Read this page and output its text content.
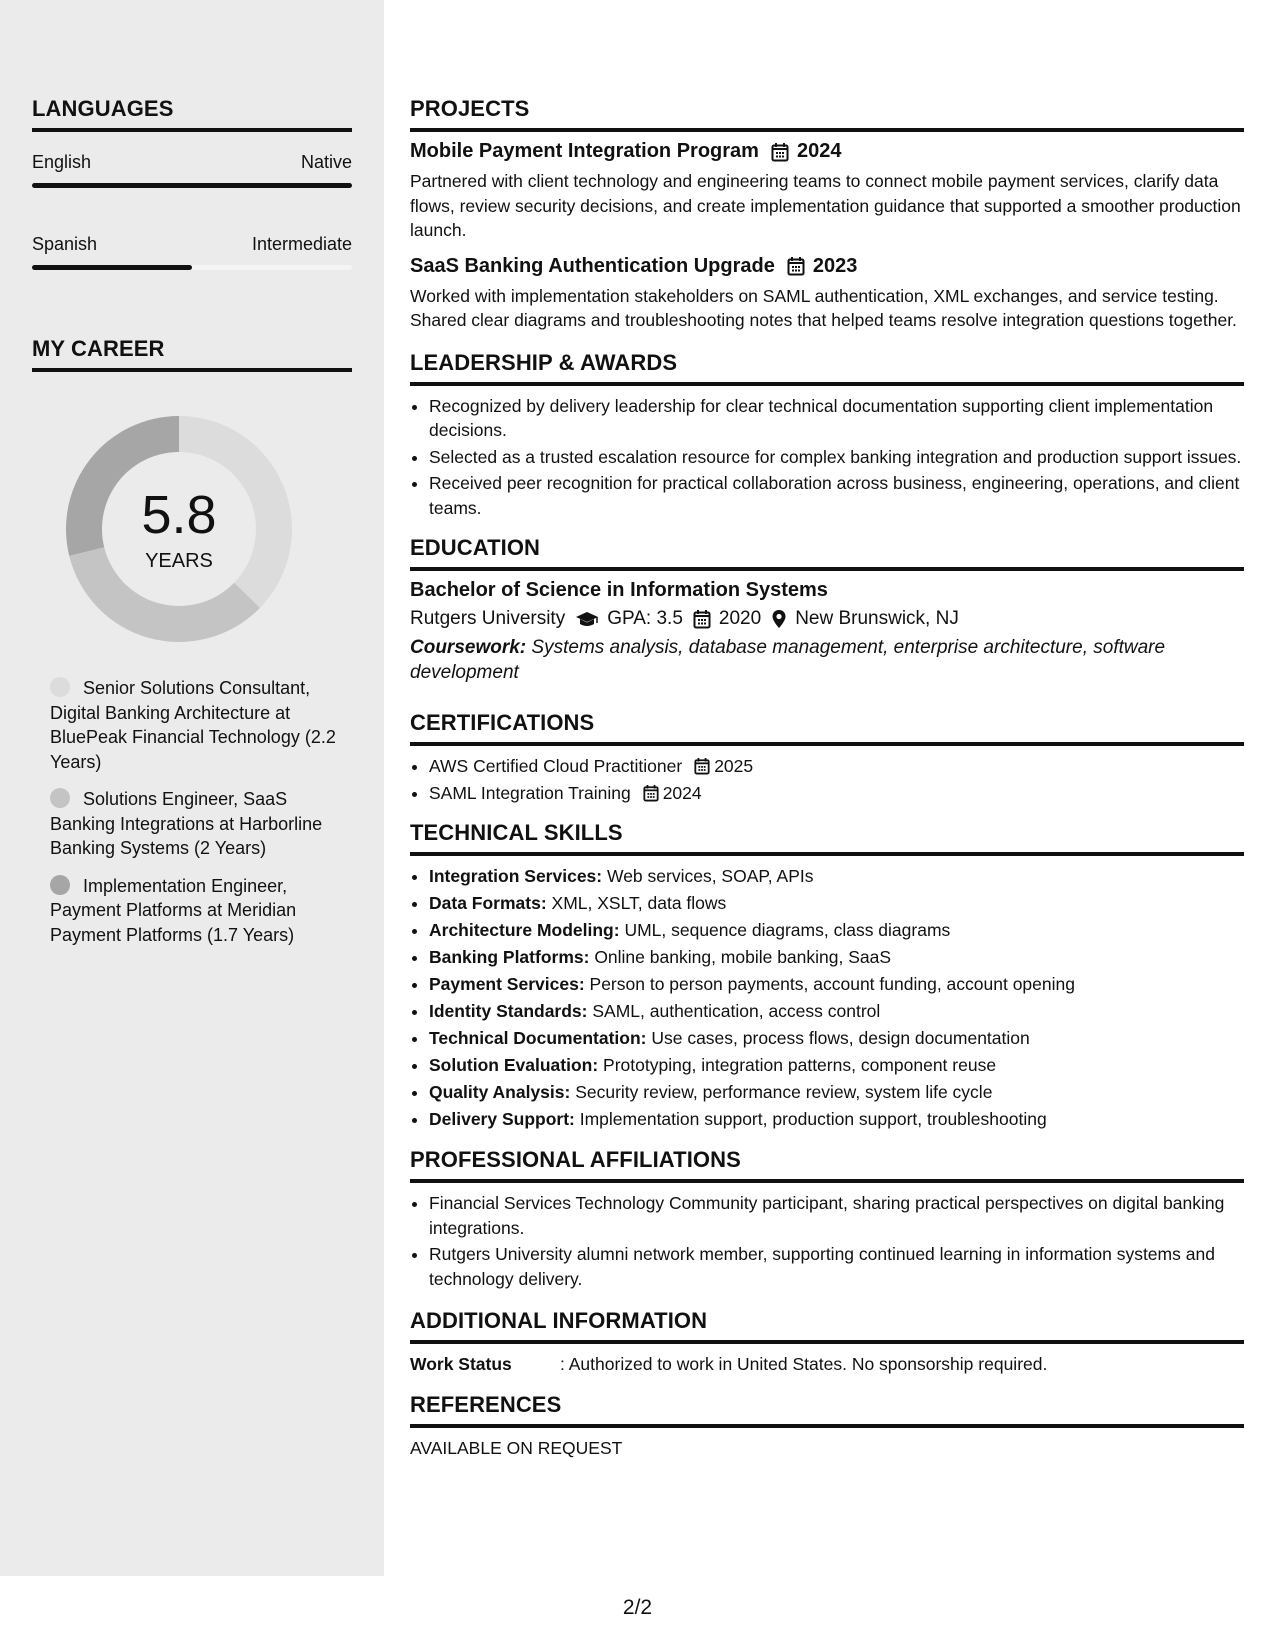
LANGUAGES
English	Native
Spanish	Intermediate
MY CAREER
5.8
YEARS
Senior Solutions Consultant, Digital Banking Architecture at BluePeak Financial Technology (2.2 Years)
Solutions Engineer, SaaS Banking Integrations at Harborline Banking Systems (2 Years)
Implementation Engineer, Payment Platforms at Meridian Payment Platforms (1.7 Years)
PROJECTS
Mobile Payment Integration Program 2024

Partnered with client technology and engineering teams to connect mobile payment services, clarify data flows, review security decisions, and create implementation guidance that supported a smoother production launch.

SaaS Banking Authentication Upgrade 2023

Worked with implementation stakeholders on SAML authentication, XML exchanges, and service testing. Shared clear diagrams and troubleshooting notes that helped teams resolve integration questions together.

LEADERSHIP & AWARDS
• Recognized by delivery leadership for clear technical documentation supporting client implementation decisions.
• Selected as a trusted escalation resource for complex banking integration and production support issues.
• Received peer recognition for practical collaboration across business, engineering, operations, and client teams.
EDUCATION
Bachelor of Science in Information Systems
Rutgers University GPA: 3.5 2020 New Brunswick, NJ

Coursework: Systems analysis, database management, enterprise architecture, software development

CERTIFICATIONS
• AWS Certified Cloud Practitioner 2025
• SAML Integration Training 2024
TECHNICAL SKILLS
• Integration Services: Web services, SOAP, APIs
• Data Formats: XML, XSLT, data flows
• Architecture Modeling: UML, sequence diagrams, class diagrams
• Banking Platforms: Online banking, mobile banking, SaaS
• Payment Services: Person to person payments, account funding, account opening
• Identity Standards: SAML, authentication, access control
• Technical Documentation: Use cases, process flows, design documentation
• Solution Evaluation: Prototyping, integration patterns, component reuse
• Quality Analysis: Security review, performance review, system life cycle
• Delivery Support: Implementation support, production support, troubleshooting
PROFESSIONAL AFFILIATIONS
• Financial Services Technology Community participant, sharing practical perspectives on digital banking integrations.
• Rutgers University alumni network member, supporting continued learning in information systems and technology delivery.
ADDITIONAL INFORMATION
Work Status	: Authorized to work in United States. No sponsorship required.
REFERENCES
AVAILABLE ON REQUEST
2/2
